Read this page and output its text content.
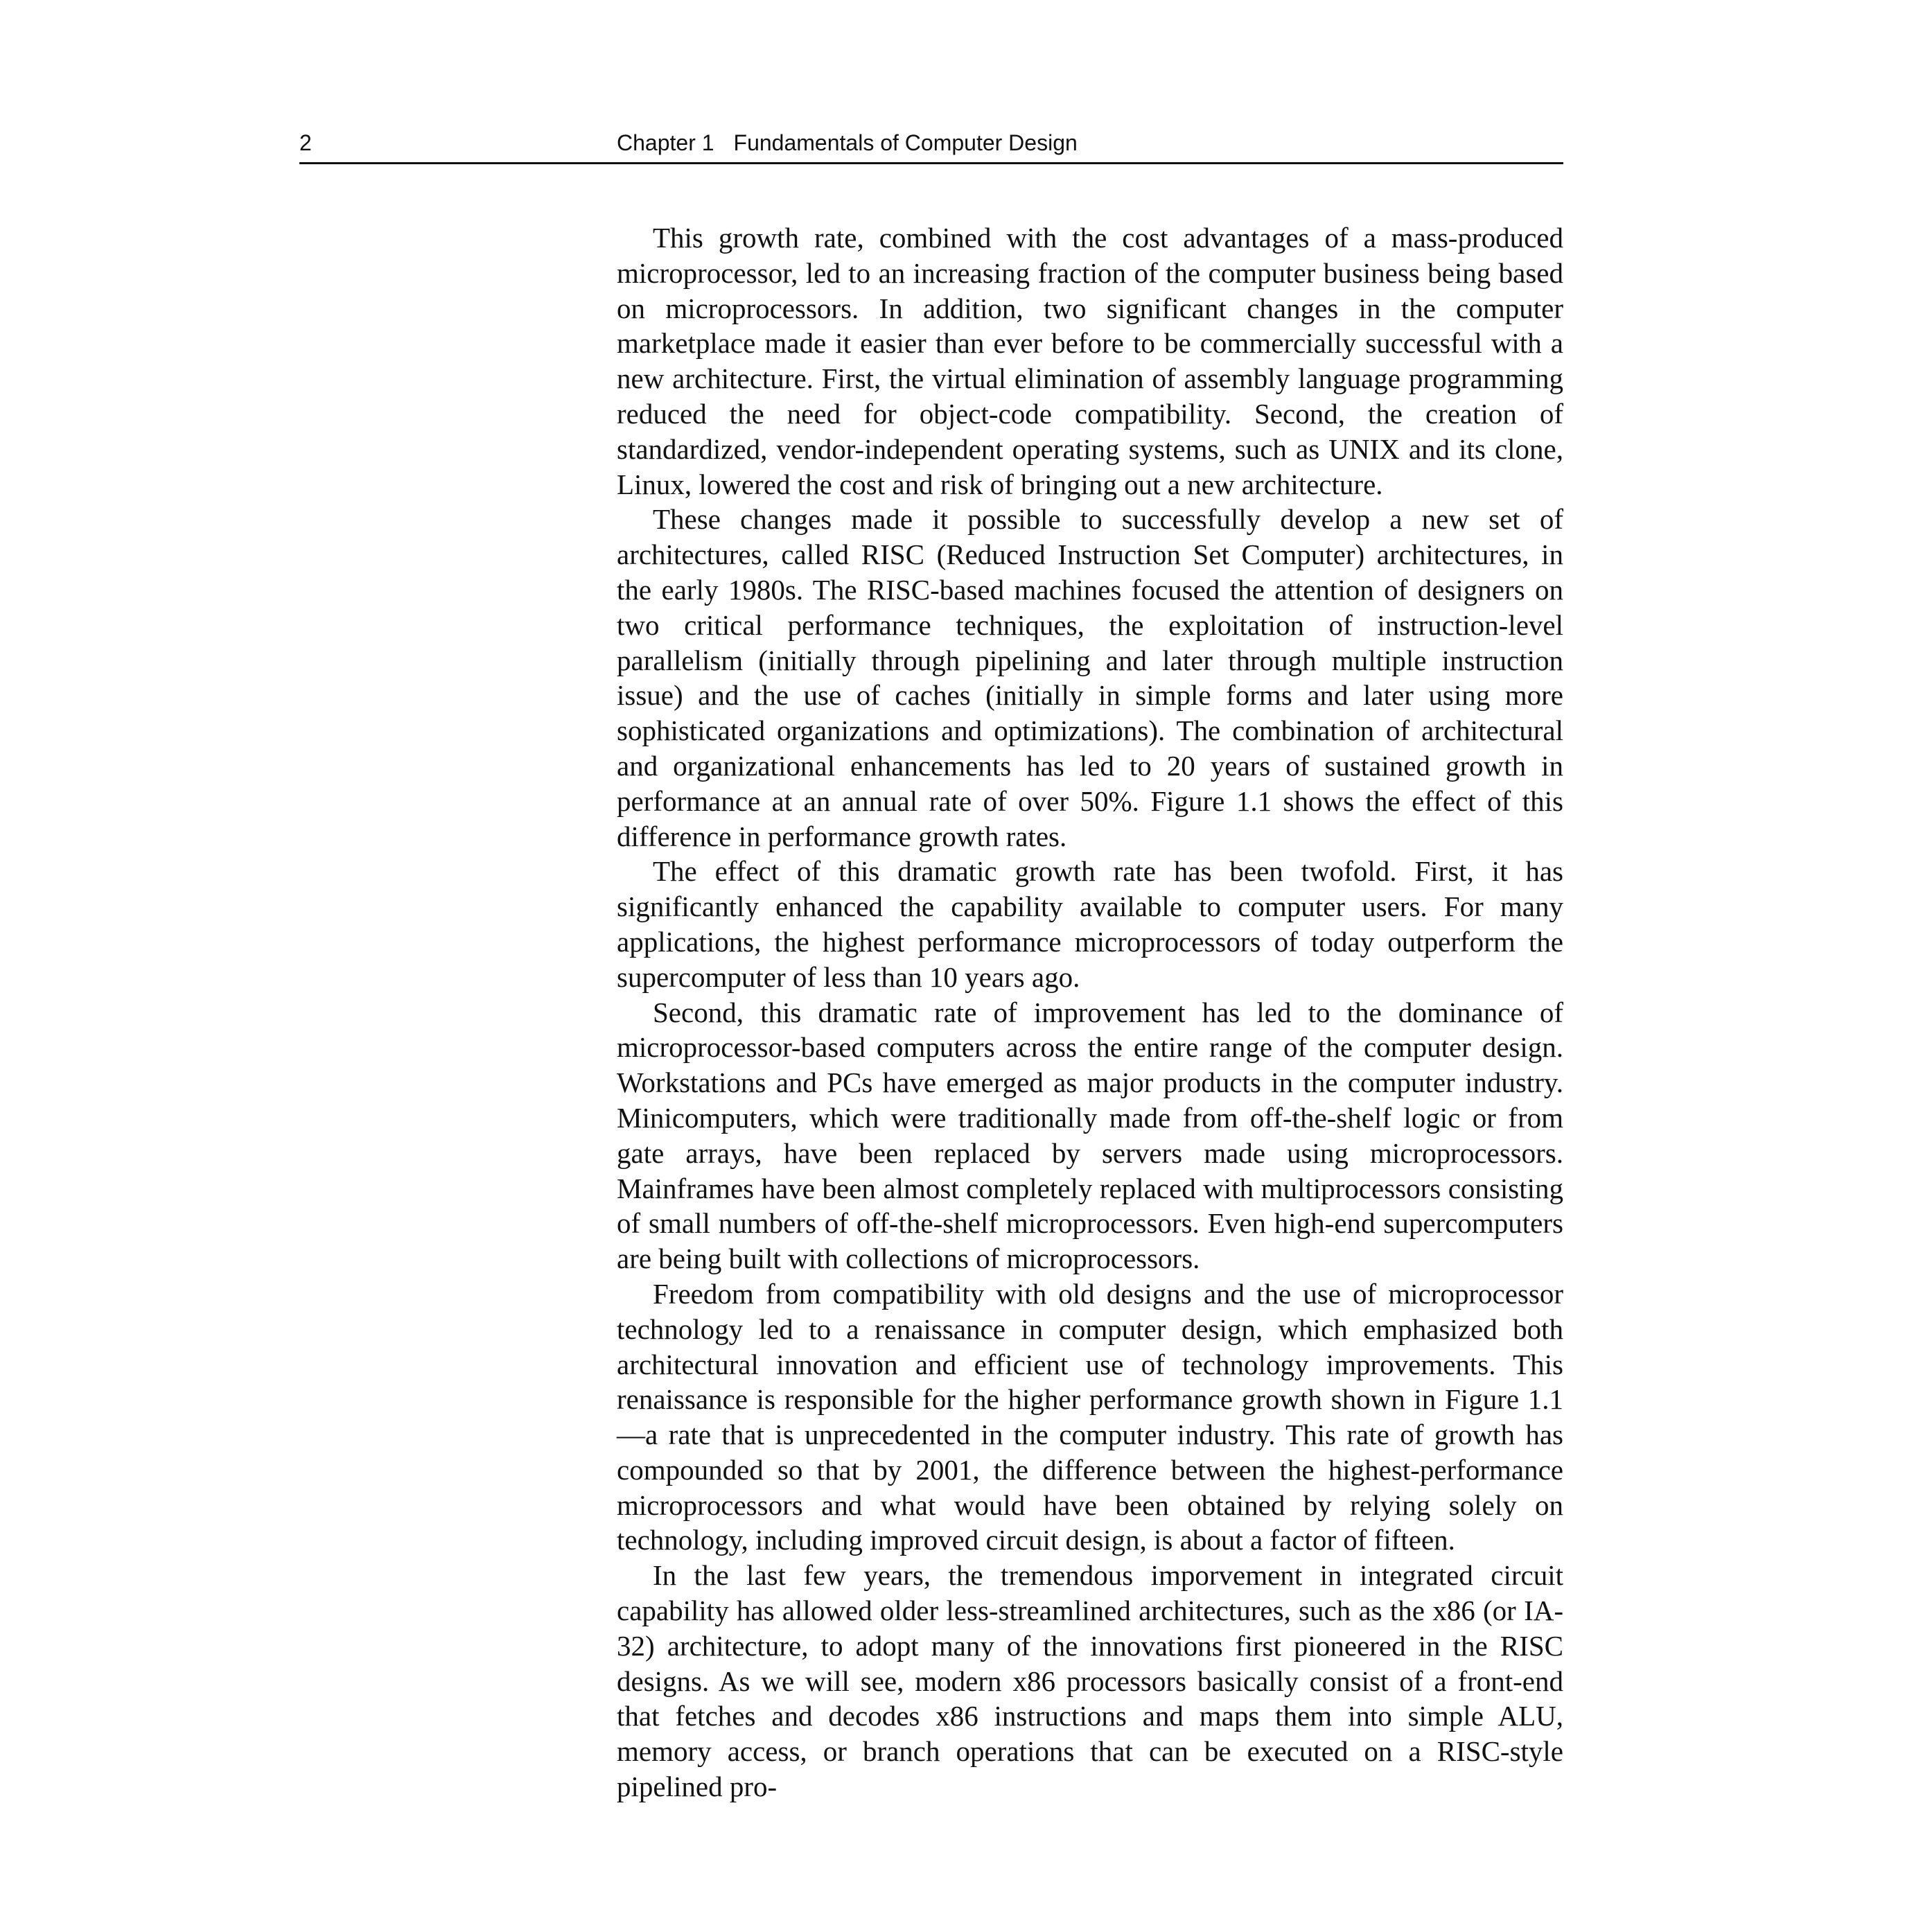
2	Chapter 1 Fundamentals of Computer Design

This growth rate, combined with the cost advantages of a mass-produced microprocessor, led to an increasing fraction of the computer business being based on microprocessors. In addition, two significant changes in the computer marketplace made it easier than ever before to be commercially successful with a new architecture. First, the virtual elimination of assembly language programming reduced the need for object-code compatibility. Second, the creation of standardized, vendor-independent operating systems, such as UNIX and its clone, Linux, lowered the cost and risk of bringing out a new architecture.

These changes made it possible to successfully develop a new set of architectures, called RISC (Reduced Instruction Set Computer) architectures, in the early 1980s. The RISC-based machines focused the attention of designers on two critical performance techniques, the exploitation of instruction-level parallelism (initially through pipelining and later through multiple instruction issue) and the use of caches (initially in simple forms and later using more sophisticated organizations and optimizations). The combination of architectural and organizational enhancements has led to 20 years of sustained growth in performance at an annual rate of over 50%. Figure 1.1 shows the effect of this difference in performance growth rates.

The effect of this dramatic growth rate has been twofold. First, it has significantly enhanced the capability available to computer users. For many applications, the highest performance microprocessors of today outperform the supercomputer of less than 10 years ago.

Second, this dramatic rate of improvement has led to the dominance of microprocessor-based computers across the entire range of the computer design. Workstations and PCs have emerged as major products in the computer industry. Minicomputers, which were traditionally made from off-the-shelf logic or from gate arrays, have been replaced by servers made using microprocessors. Mainframes have been almost completely replaced with multiprocessors consisting of small numbers of off-the-shelf microprocessors. Even high-end supercomputers are being built with collections of microprocessors.

Freedom from compatibility with old designs and the use of microprocessor technology led to a renaissance in computer design, which emphasized both architectural innovation and efficient use of technology improvements. This renaissance is responsible for the higher performance growth shown in Figure 1.1—a rate that is unprecedented in the computer industry. This rate of growth has compounded so that by 2001, the difference between the highest-performance microprocessors and what would have been obtained by relying solely on technology, including improved circuit design, is about a factor of fifteen.

In the last few years, the tremendous imporvement in integrated circuit capability has allowed older less-streamlined architectures, such as the x86 (or IA-32) architecture, to adopt many of the innovations first pioneered in the RISC designs. As we will see, modern x86 processors basically consist of a front-end that fetches and decodes x86 instructions and maps them into simple ALU, memory access, or branch operations that can be executed on a RISC-style pipelined pro-
